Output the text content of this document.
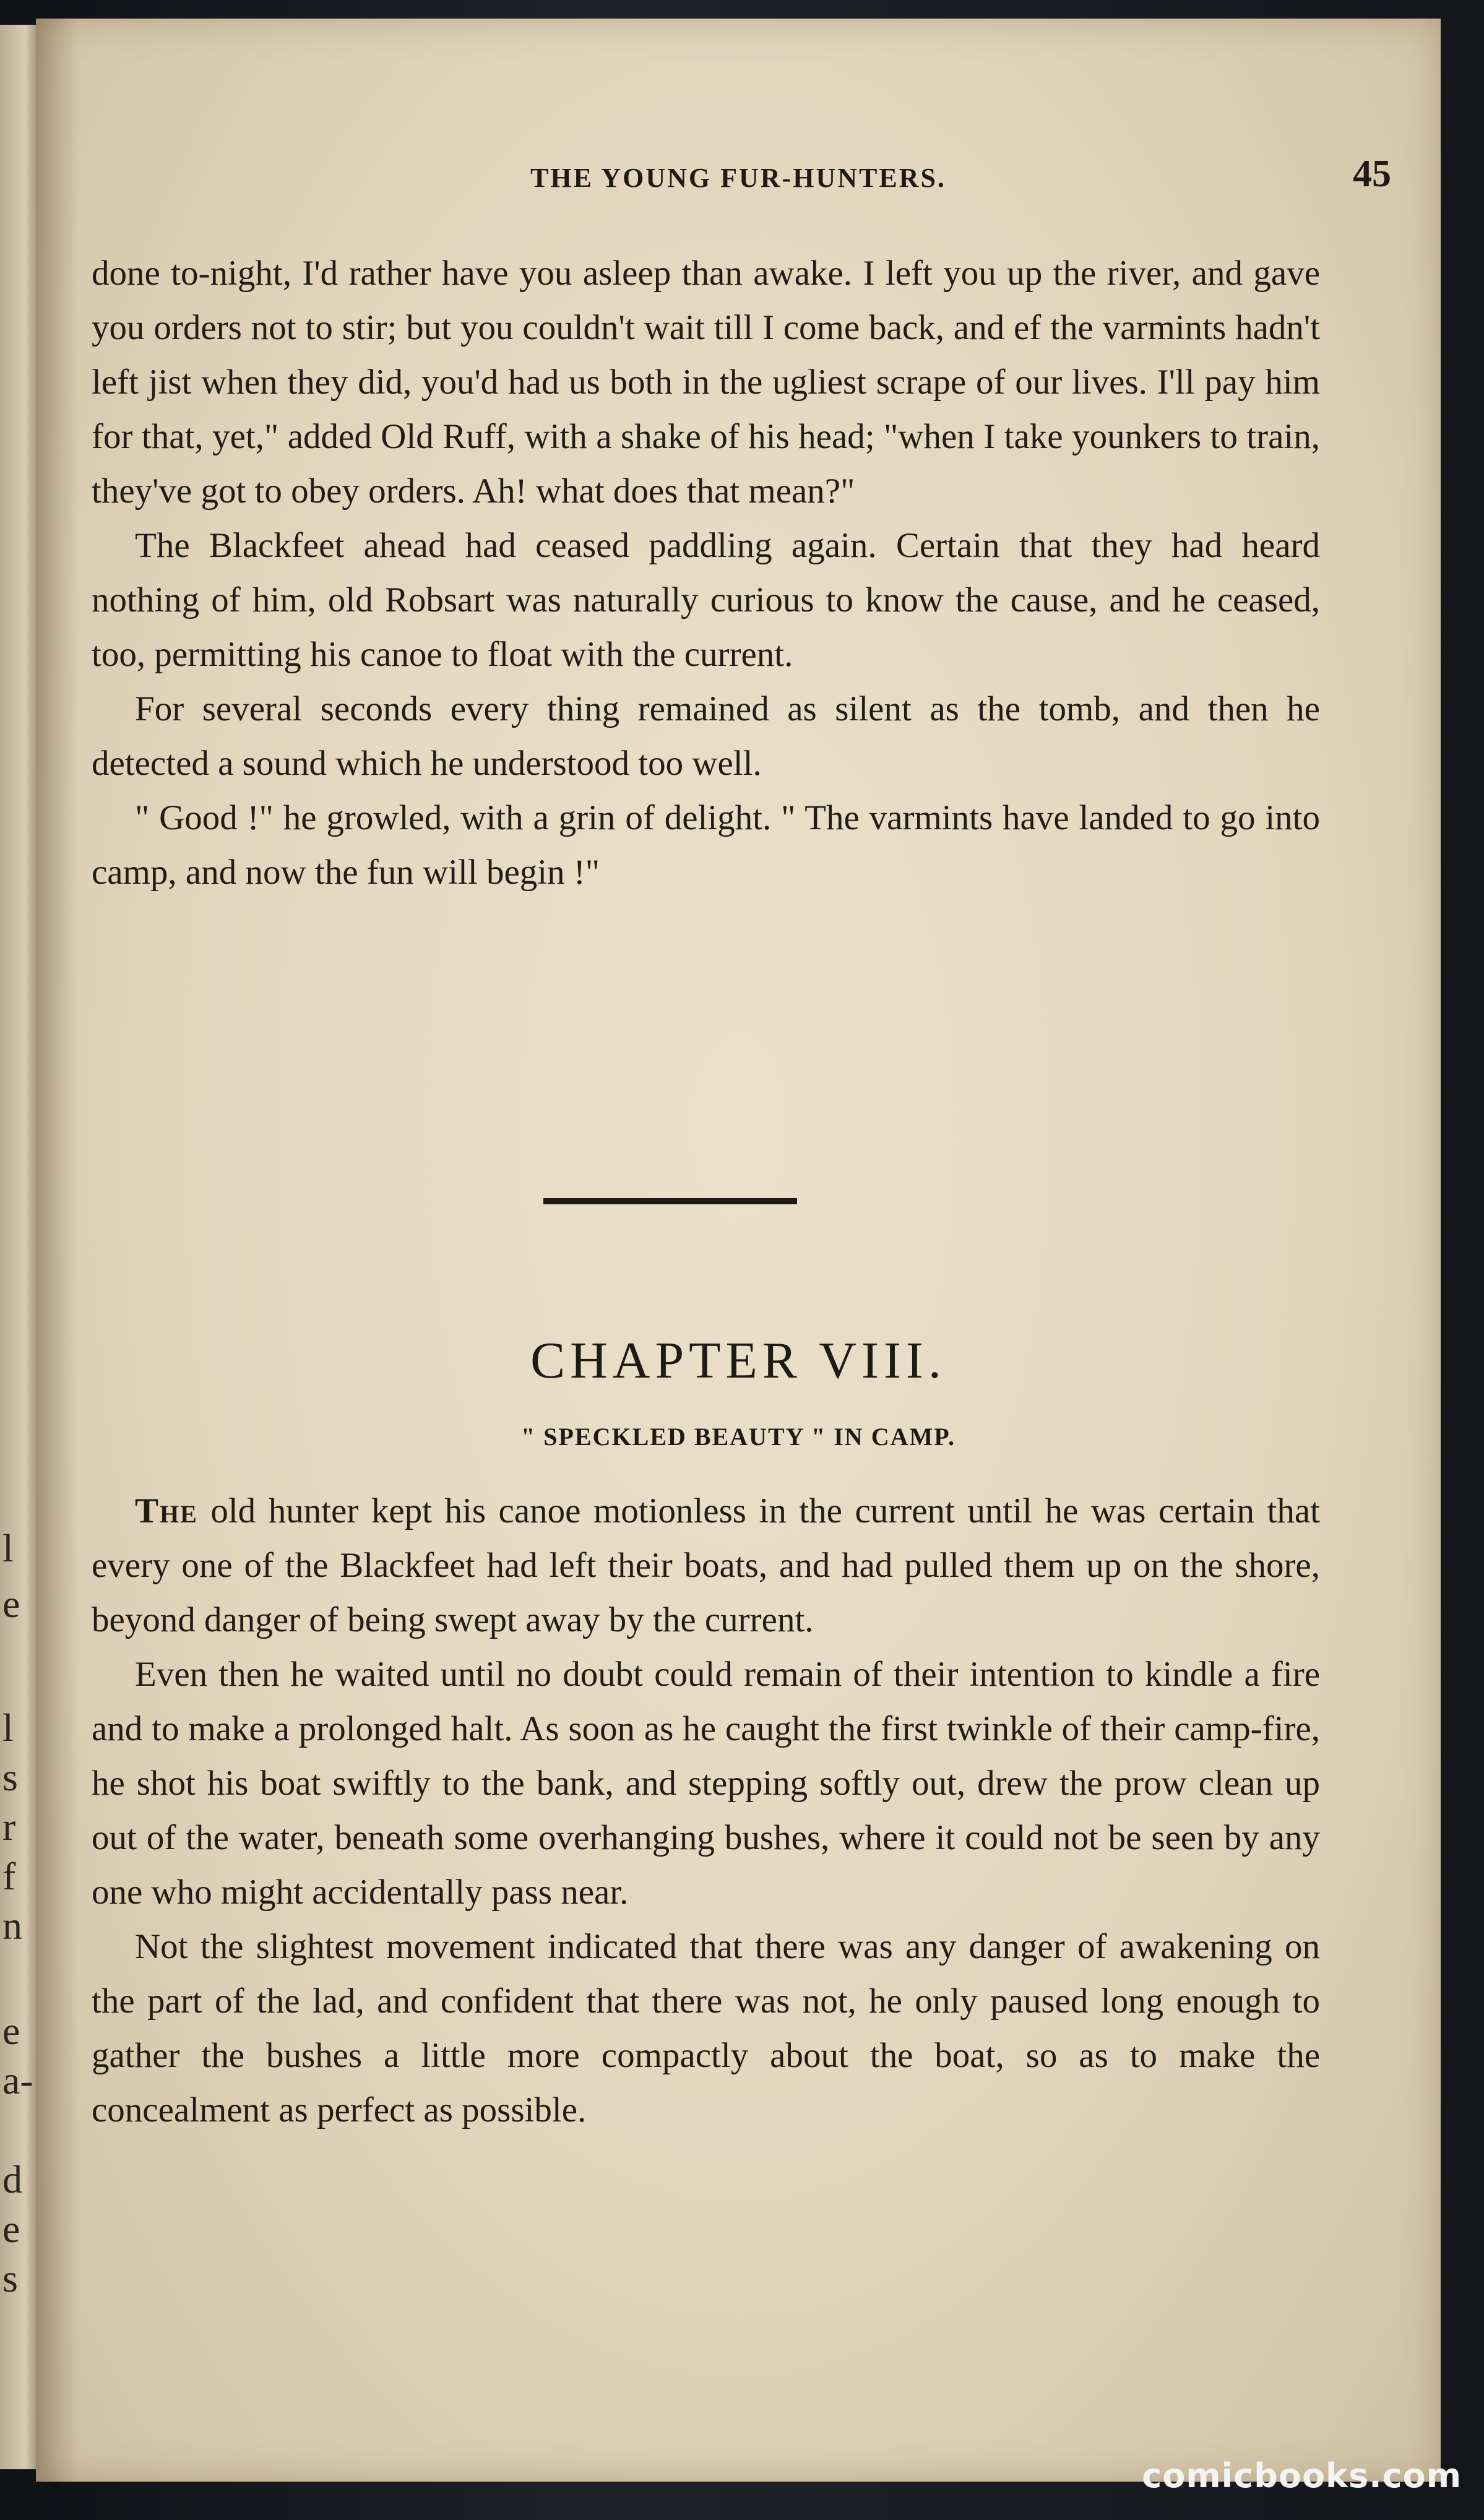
l
e
l
s
r
f
n
e
a-
d
e
s
THE YOUNG FUR-HUNTERS.	45

done to-night, I'd rather have you asleep than awake. I left you up the river, and gave you orders not to stir; but you couldn't wait till I come back, and ef the varmints hadn't left jist when they did, you'd had us both in the ugliest scrape of our lives. I'll pay him for that, yet," added Old Ruff, with a shake of his head; "when I take younkers to train, they've got to obey orders. Ah! what does that mean?"

The Blackfeet ahead had ceased paddling again. Certain that they had heard nothing of him, old Robsart was naturally curious to know the cause, and he ceased, too, permitting his canoe to float with the current.

For several seconds every thing remained as silent as the tomb, and then he detected a sound which he understood too well.

" Good !" he growled, with a grin of delight. " The varmints have landed to go into camp, and now the fun will begin !"

CHAPTER VIII.
" SPECKLED BEAUTY " IN CAMP.

The old hunter kept his canoe motionless in the current until he was certain that every one of the Blackfeet had left their boats, and had pulled them up on the shore, beyond danger of being swept away by the current.

Even then he waited until no doubt could remain of their intention to kindle a fire and to make a prolonged halt. As soon as he caught the first twinkle of their camp-fire, he shot his boat swiftly to the bank, and stepping softly out, drew the prow clean up out of the water, beneath some overhanging bushes, where it could not be seen by any one who might accidentally pass near.

Not the slightest movement indicated that there was any danger of awakening on the part of the lad, and confident that there was not, he only paused long enough to gather the bushes a little more compactly about the boat, so as to make the concealment as perfect as possible.

comicbooks.com
